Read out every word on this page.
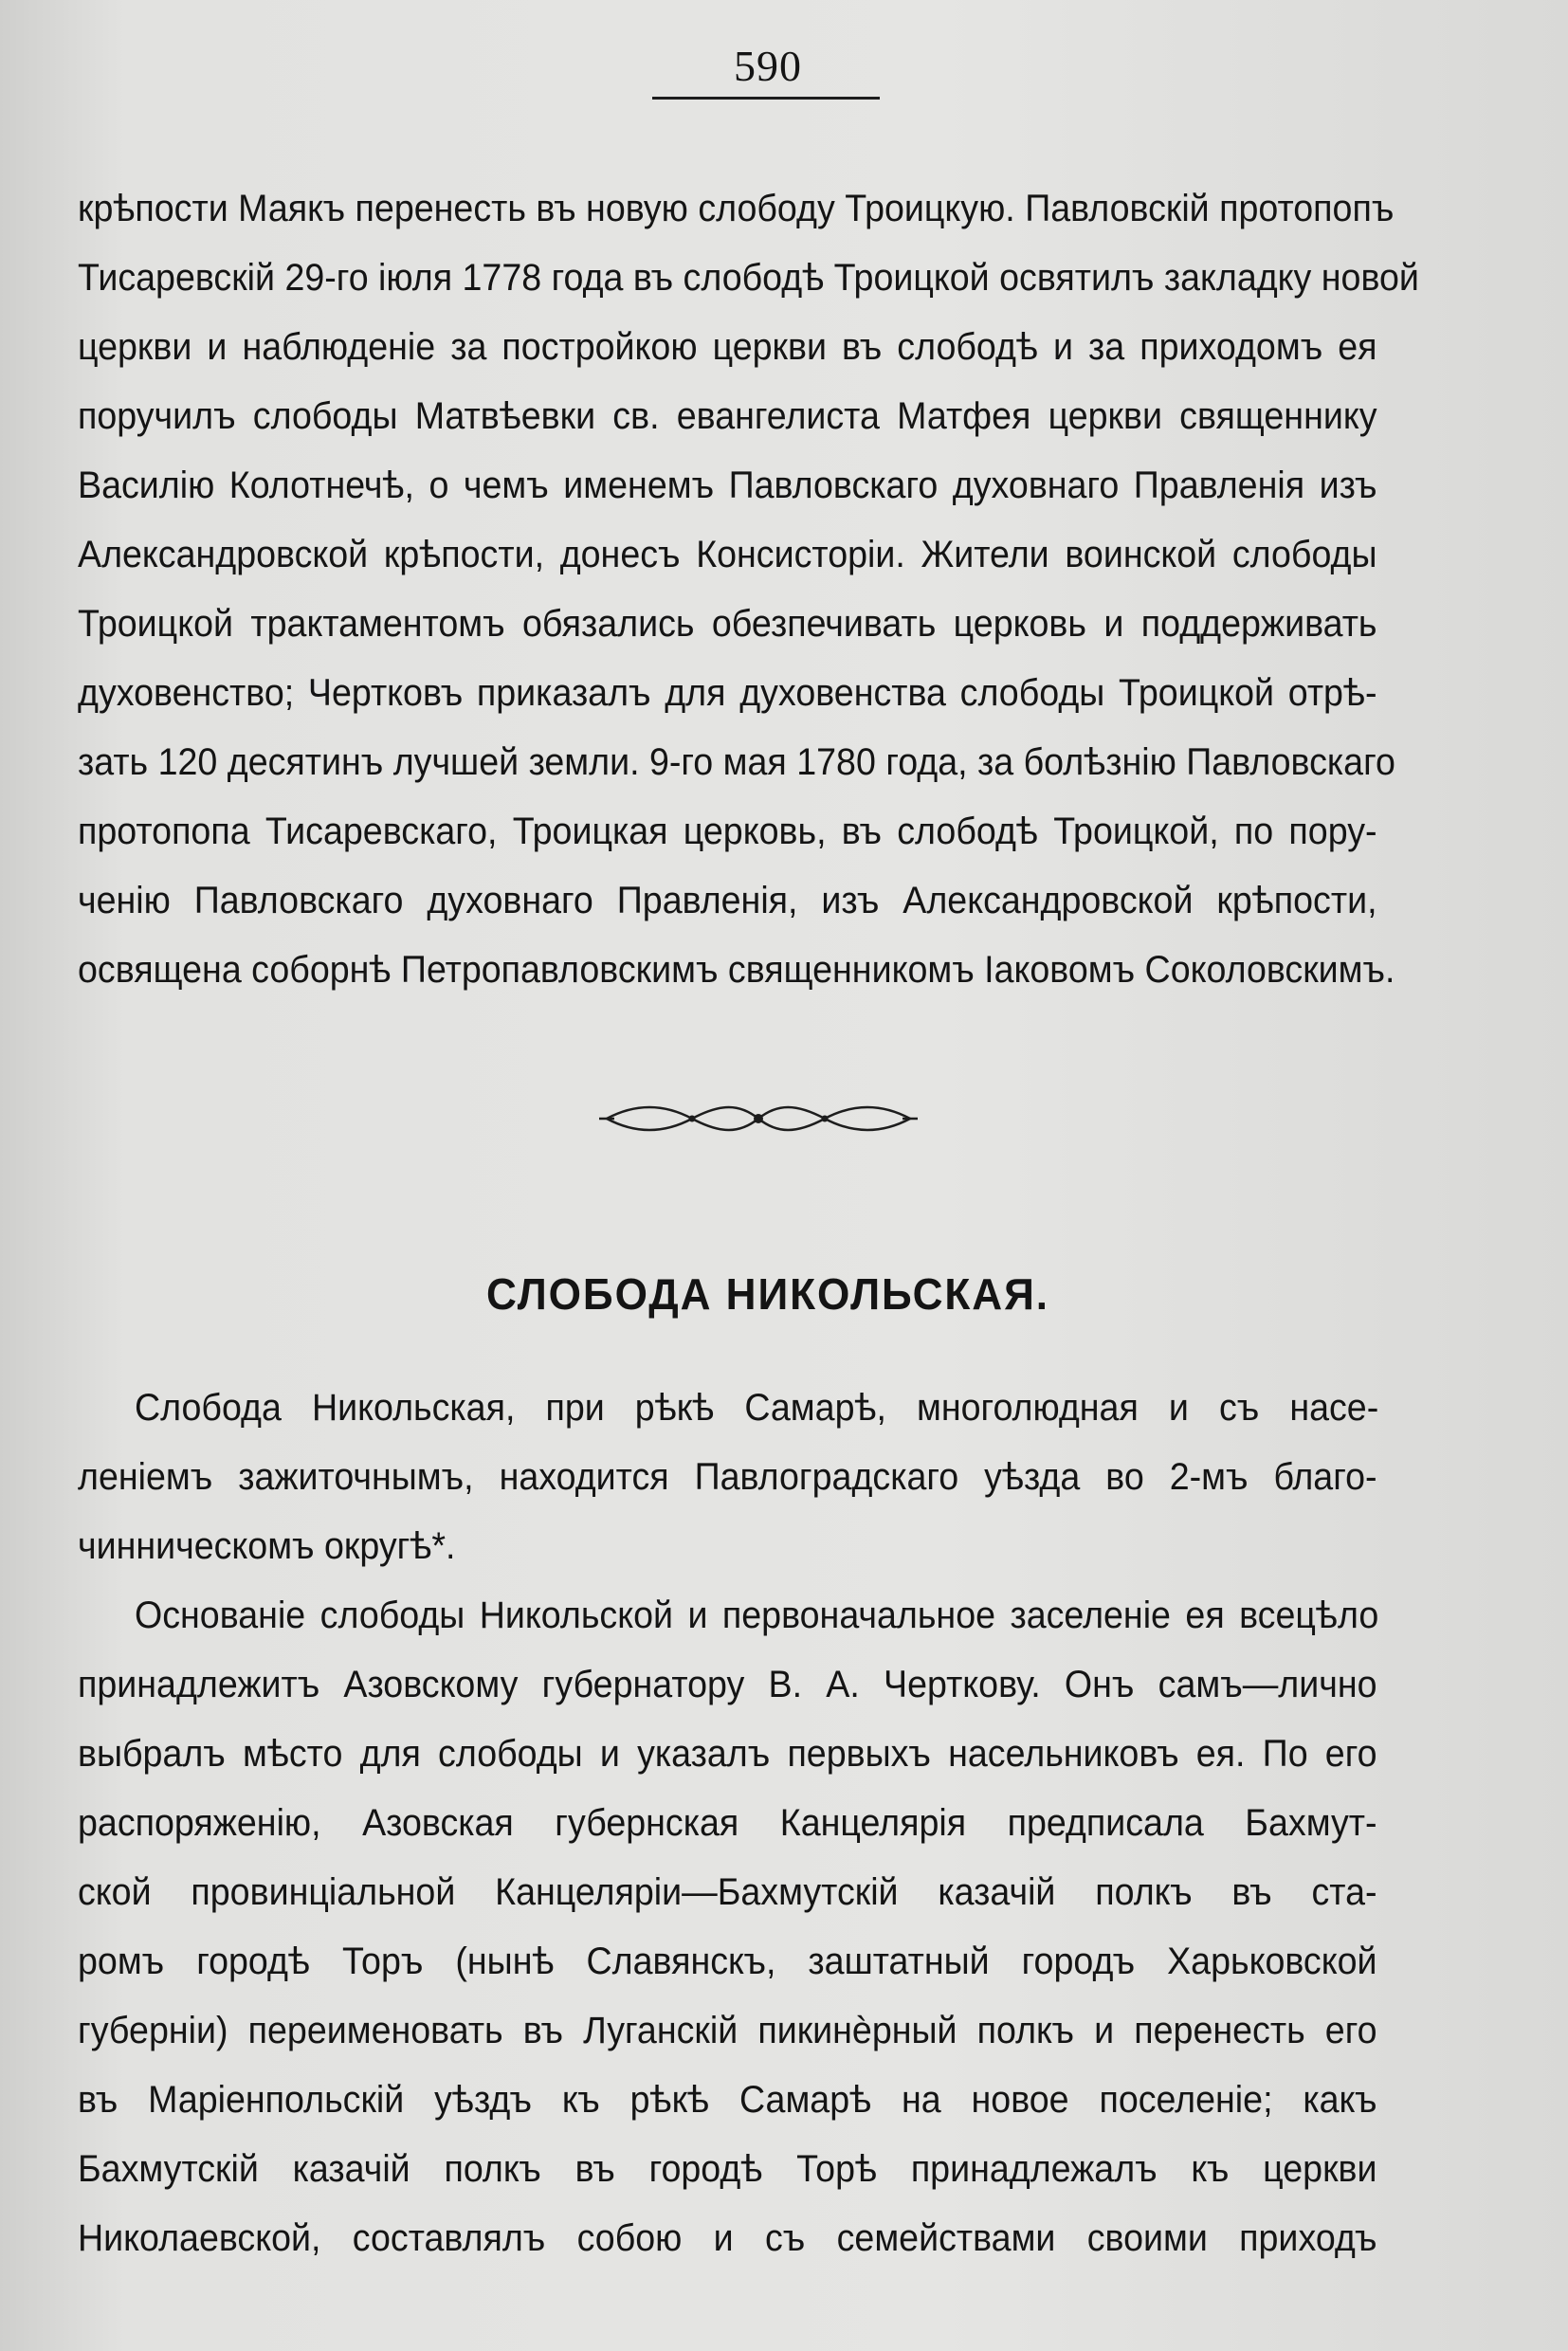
590
крѣпости Маякъ перенесть въ новую слободу Троицкую. Павловскій протопопъ
Тисаревскій 29-го іюля 1778 года въ слободѣ Троицкой освятилъ закладку новой
церкви и наблюденіе за постройкою церкви въ слободѣ и за приходомъ ея
поручилъ слободы Матвѣевки св. евангелиста Матфея церкви священнику
Василію Колотнечѣ, о чемъ именемъ Павловскаго духовнаго Правленія изъ
Александровской крѣпости, донесъ Консисторіи. Жители воинской слободы
Троицкой трактаментомъ обязались обезпечивать церковь и поддерживать
духовенство; Чертковъ приказалъ для духовенства слободы Троицкой отрѣ-
зать 120 десятинъ лучшей земли. 9-го мая 1780 года, за болѣзнію Павловскаго
протопопа Тисаревскаго, Троицкая церковь, въ слободѣ Троицкой, по пору-
ченію Павловскаго духовнаго Правленія, изъ Александровской крѣпости,
освящена соборнѣ Петропавловскимъ священникомъ Іаковомъ Соколовскимъ.
СЛОБОДА НИКОЛЬСКАЯ.
Слобода Никольская, при рѣкѣ Самарѣ, многолюдная и съ насе-
леніемъ зажиточнымъ, находится Павлоградскаго уѣзда во 2-мъ благо-
чинническомъ округѣ*.
Основаніе слободы Никольской и первоначальное заселеніе ея всецѣло
принадлежитъ Азовскому губернатору В. А. Черткову. Онъ самъ—лично
выбралъ мѣсто для слободы и указалъ первыхъ насельниковъ ея. По его
распоряженію, Азовская губернская Канцелярія предписала Бахмут-
ской провинціальной Канцеляріи—Бахмутскій казачій полкъ въ ста-
ромъ городѣ Торъ (нынѣ Славянскъ, заштатный городъ Харьковской
губерніи) переименовать въ Луганскій пикинѐрный полкъ и перенесть его
въ Маріенпольскій уѣздъ къ рѣкѣ Самарѣ на новое поселеніе; какъ
Бахмутскій казачій полкъ въ городѣ Торѣ принадлежалъ къ церкви
Николаевской, составлялъ собою и съ семействами своими приходъ
